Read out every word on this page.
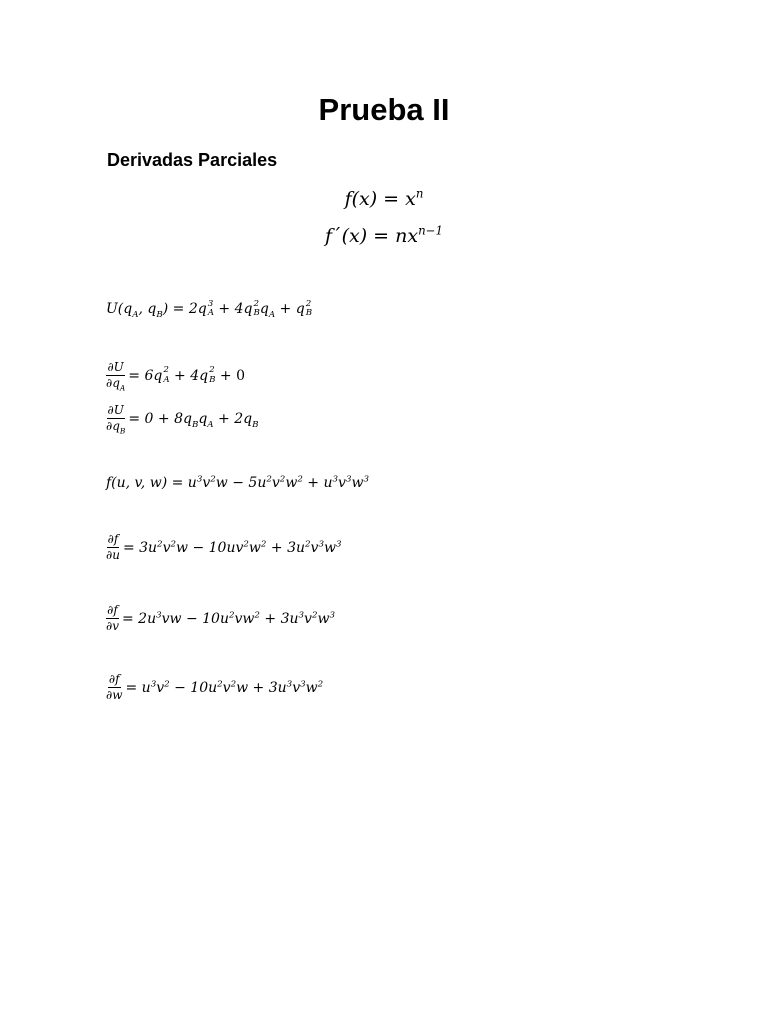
Prueba II
Derivadas Parciales
$f(x) = x^n$
f´(x) = $nx^{n-1}$
$U(q_A$, $q_B) = 2q$ 3
A + 4q 2
B $q_A + q$ 2
B
$\frac{\partial U}{\partial q_A} = 6q$ 2
A + 4q 2
B + 0
$\frac{\partial U}{\partial q_B} = 0 + 8q_Bq_A + 2q_B$
f(u, v, $w) = u^3v^2w - 5u^2v^2w^2 + u^3v^3w^3$
$\frac{\partial f}{\partial u} = 3u^2v^2w - 10uv^2w^2 + 3u^2v^3w^3$
$\frac{\partial f}{\partial v} = 2u^3vw - 10u^2vw^2 + 3u^3v^2w^3$
$\frac{\partial f}{\partial w} = u^3v^2 - 10u^2v^2w + 3u^3v^3w^2$
